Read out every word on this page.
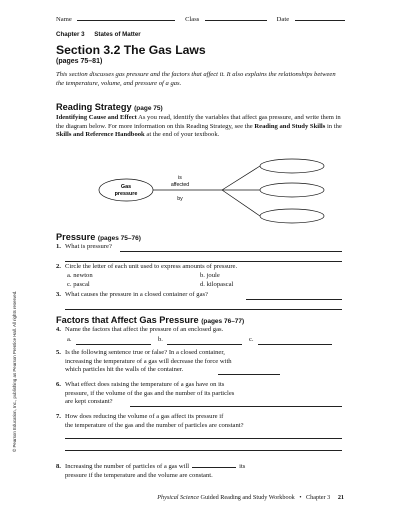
Name	Class	Date
Chapter 3 States of Matter
Section 3.2 The Gas Laws
(pages 75–81)
This section discusses gas pressure and the factors that affect it. It also explains the relationships between the temperature, volume, and pressure of a gas.
Reading Strategy (page 75)
Identifying Cause and Effect As you read, identify the variables that affect gas pressure, and write them in the diagram below. For more information on this Reading Strategy, see the Reading and Study Skills in the Skills and Reference Handbook at the end of your textbook.
Gas
pressure
is
affected
by
Pressure (pages 75–76)
1. What is pressure?
2. Circle the letter of each unit used to express amounts of pressure.
a. newton	b. joule
c. pascal	d. kilopascal
3. What causes the pressure in a closed container of gas?
Factors that Affect Gas Pressure (pages 76–77)
4. Name the factors that affect the pressure of an enclosed gas.
a.	b.	c.
5. Is the following sentence true or false? In a closed container,
increasing the temperature of a gas will decrease the force with
which particles hit the walls of the container.
6. What effect does raising the temperature of a gas have on its
pressure, if the volume of the gas and the number of its particles
are kept constant?
7. How does reducing the volume of a gas affect its pressure if
the temperature of the gas and the number of particles are constant?
8. Increasing the number of particles of a gas will	its
pressure if the temperature and the volume are constant.
© Pearson Education, Inc., publishing as Pearson Prentice Hall. All rights reserved.
Physical Science Guided Reading and Study Workbook • Chapter 3 21
